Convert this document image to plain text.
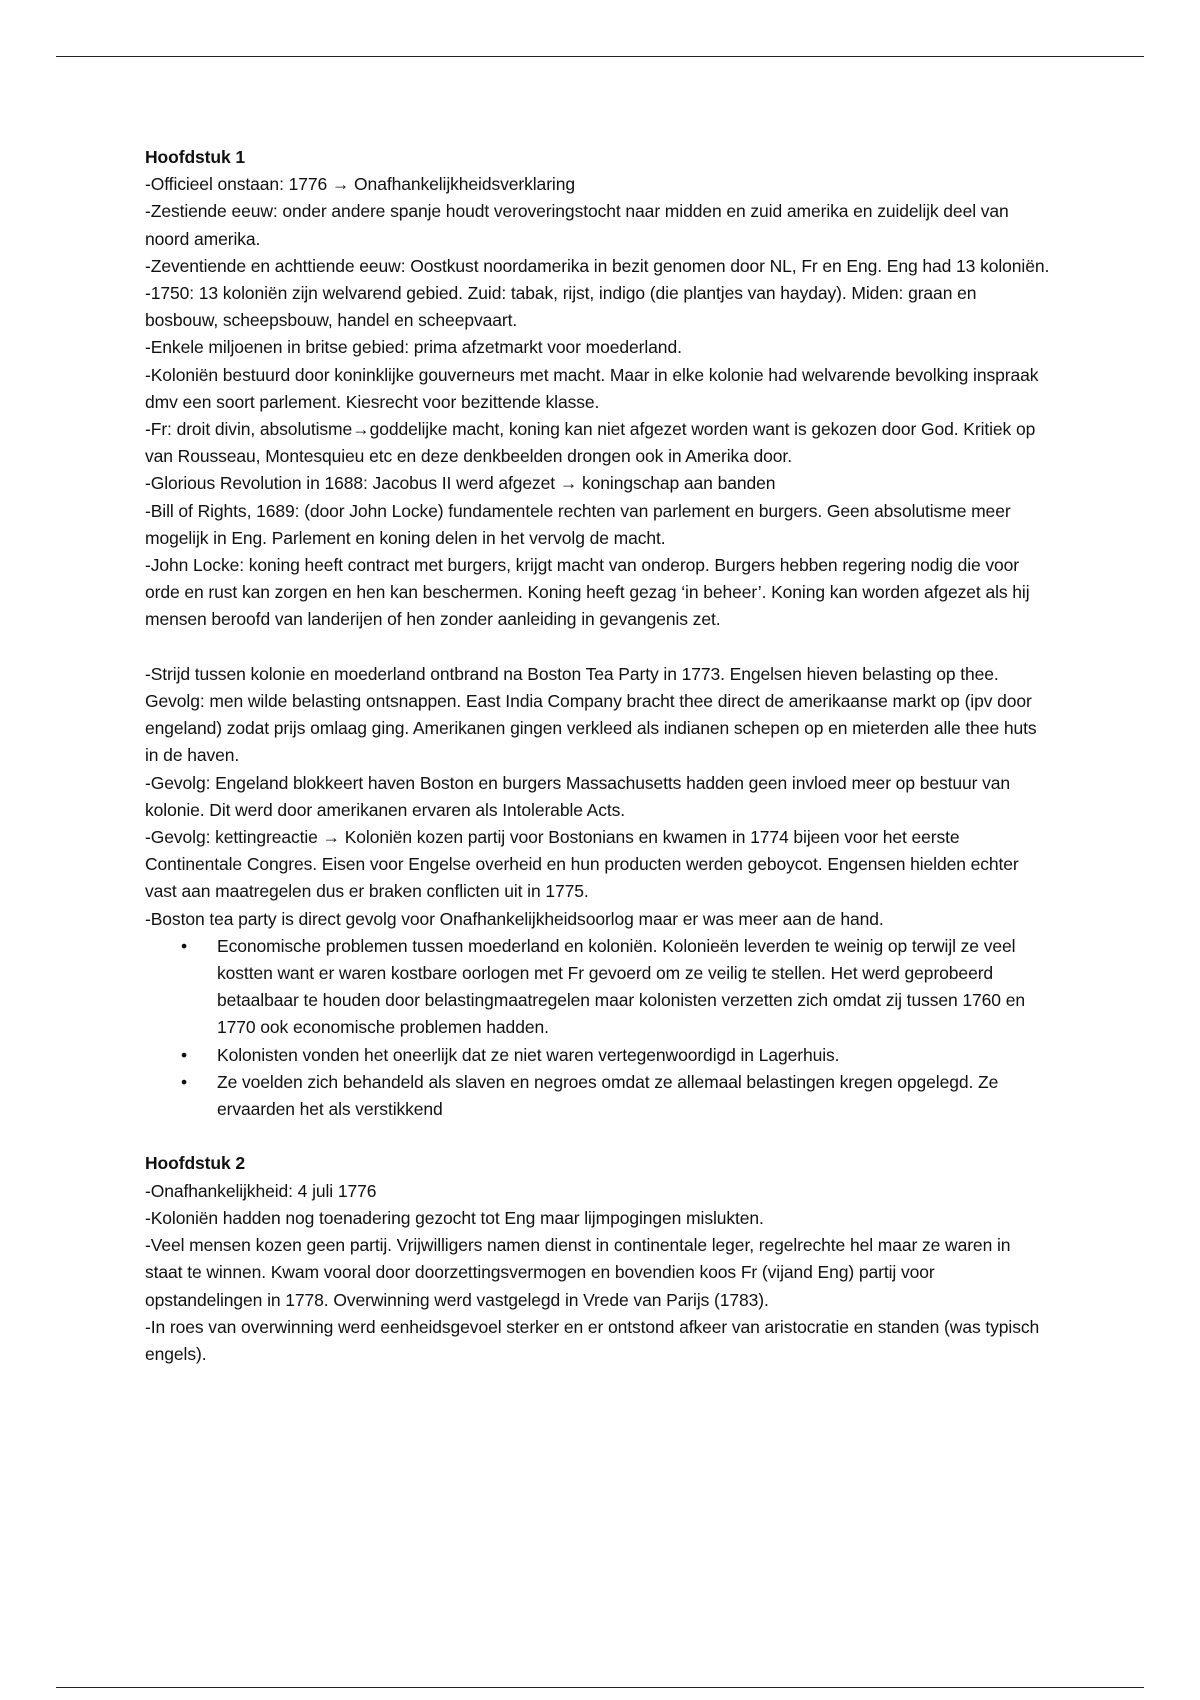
Hoofdstuk 1

-Officieel onstaan: 1776 → Onafhankelijkheidsverklaring

-Zestiende eeuw: onder andere spanje houdt veroveringstocht naar midden en zuid amerika en zuidelijk deel van noord amerika.

-Zeventiende en achttiende eeuw: Oostkust noordamerika in bezit genomen door NL, Fr en Eng. Eng had 13 koloniën.

-1750: 13 koloniën zijn welvarend gebied. Zuid: tabak, rijst, indigo (die plantjes van hayday). Miden: graan en bosbouw, scheepsbouw, handel en scheepvaart.

-Enkele miljoenen in britse gebied: prima afzetmarkt voor moederland.

-Koloniën bestuurd door koninklijke gouverneurs met macht. Maar in elke kolonie had welvarende bevolking inspraak dmv een soort parlement. Kiesrecht voor bezittende klasse.

-Fr: droit divin, absolutisme→goddelijke macht, koning kan niet afgezet worden want is gekozen door God. Kritiek op van Rousseau, Montesquieu etc en deze denkbeelden drongen ook in Amerika door.

-Glorious Revolution in 1688: Jacobus II werd afgezet → koningschap aan banden

-Bill of Rights, 1689: (door John Locke) fundamentele rechten van parlement en burgers. Geen absolutisme meer mogelijk in Eng. Parlement en koning delen in het vervolg de macht.

-John Locke: koning heeft contract met burgers, krijgt macht van onderop. Burgers hebben regering nodig die voor orde en rust kan zorgen en hen kan beschermen. Koning heeft gezag ‘in beheer’. Koning kan worden afgezet als hij mensen beroofd van landerijen of hen zonder aanleiding in gevangenis zet.

-Strijd tussen kolonie en moederland ontbrand na Boston Tea Party in 1773. Engelsen hieven belasting op thee. Gevolg: men wilde belasting ontsnappen. East India Company bracht thee direct de amerikaanse markt op (ipv door engeland) zodat prijs omlaag ging. Amerikanen gingen verkleed als indianen schepen op en mieterden alle thee huts in de haven.

-Gevolg: Engeland blokkeert haven Boston en burgers Massachusetts hadden geen invloed meer op bestuur van kolonie. Dit werd door amerikanen ervaren als Intolerable Acts.

-Gevolg: kettingreactie → Koloniën kozen partij voor Bostonians en kwamen in 1774 bijeen voor het eerste Continentale Congres. Eisen voor Engelse overheid en hun producten werden geboycot. Engensen hielden echter vast aan maatregelen dus er braken conflicten uit in 1775.

-Boston tea party is direct gevolg voor Onafhankelijkheidsoorlog maar er was meer aan de hand.

• Economische problemen tussen moederland en koloniën. Kolonieën leverden te weinig op terwijl ze veel kostten want er waren kostbare oorlogen met Fr gevoerd om ze veilig te stellen. Het werd geprobeerd betaalbaar te houden door belastingmaatregelen maar kolonisten verzetten zich omdat zij tussen 1760 en 1770 ook economische problemen hadden.
• Kolonisten vonden het oneerlijk dat ze niet waren vertegenwoordigd in Lagerhuis.
• Ze voelden zich behandeld als slaven en negroes omdat ze allemaal belastingen kregen opgelegd. Ze ervaarden het als verstikkend

Hoofdstuk 2

-Onafhankelijkheid: 4 juli 1776

-Koloniën hadden nog toenadering gezocht tot Eng maar lijmpogingen mislukten.

-Veel mensen kozen geen partij. Vrijwilligers namen dienst in continentale leger, regelrechte hel maar ze waren in staat te winnen. Kwam vooral door doorzettingsvermogen en bovendien koos Fr (vijand Eng) partij voor opstandelingen in 1778. Overwinning werd vastgelegd in Vrede van Parijs (1783).

-In roes van overwinning werd eenheidsgevoel sterker en er ontstond afkeer van aristocratie en standen (was typisch engels).
